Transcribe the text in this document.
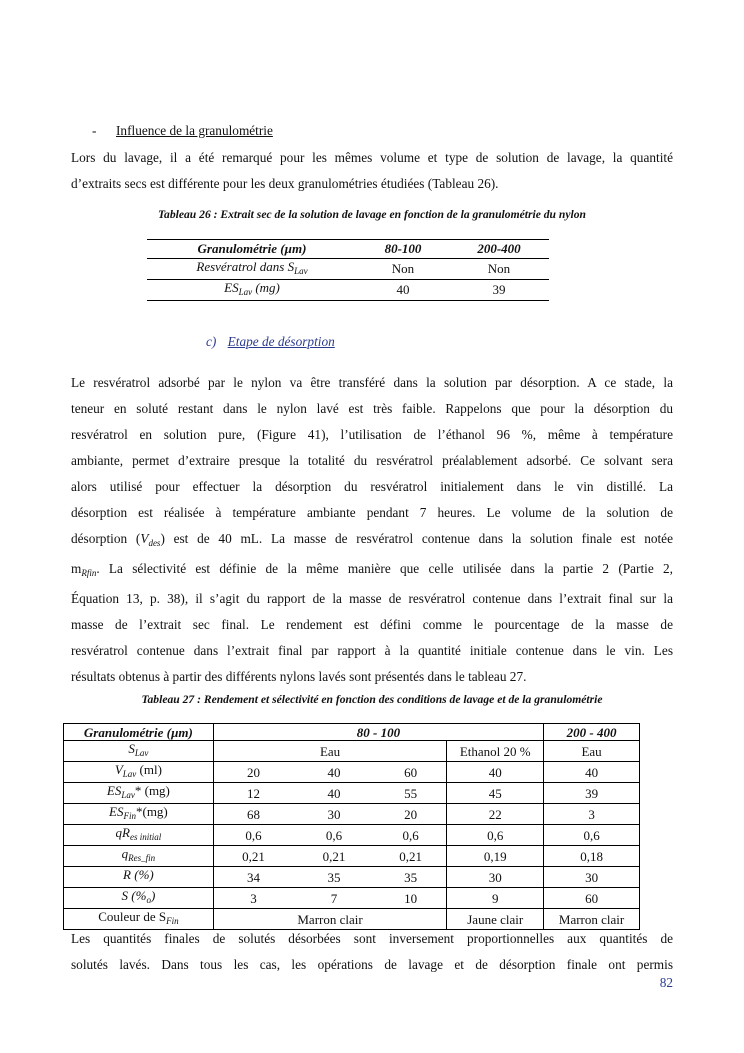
- Influence de la granulométrie
Lors du lavage, il a été remarqué pour les mêmes volume et type de solution de lavage, la quantité
d’extraits secs est différente pour les deux granulométries étudiées (Tableau 26).
Tableau 26 : Extrait sec de la solution de lavage en fonction de la granulométrie du nylon
Granulométrie (µm)	80-100	200-400
Resvératrol dans $S_{Lav}$	Non	Non
$ES_{Lav}$ (mg)	40	39
c) Etape de désorption
Le resvératrol adsorbé par le nylon va être transféré dans la solution par désorption. A ce stade, la
teneur en soluté restant dans le nylon lavé est très faible. Rappelons que pour la désorption du
resvératrol en solution pure, (Figure 41), l’utilisation de l’éthanol 96 %, même à température
ambiante, permet d’extraire presque la totalité du resvératrol préalablement adsorbé. Ce solvant sera
alors utilisé pour effectuer la désorption du resvératrol initialement dans le vin distillé. La
désorption est réalisée à température ambiante pendant 7 heures. Le volume de la solution de
désorption $(V_{des})$ est de 40 mL. La masse de resvératrol contenue dans la solution finale est notée
$m_{Rfin}$. La sélectivité est définie de la même manière que celle utilisée dans la partie 2 (Partie 2,
Équation 13, p. 38), il s’agit du rapport de la masse de resvératrol contenue dans l’extrait final sur la
masse de l’extrait sec final. Le rendement est défini comme le pourcentage de la masse de
resvératrol contenue dans l’extrait final par rapport à la quantité initiale contenue dans le vin. Les
résultats obtenus à partir des différents nylons lavés sont présentés dans le tableau 27.
Tableau 27 : Rendement et sélectivité en fonction des conditions de lavage et de la granulométrie
Granulométrie (µm)	80 - 100				200 - 400
$S_{Lav}$	Eau			Ethanol 20 %	Eau
$V_{Lav}$ (ml)	20	40	60	40	40
$ES_{Lav}*$ (mg)	12	40	55	45	39
$ES_{Fin}*(mg)$	68	30	20	22	3
$qR_{es initial}$	0,6	0,6	0,6	0,6	0,6
$q_{Res\_fin}$	0,21	0,21	0,21	0,19	0,18
R (%)	34	35	35	30	30
S $(\%_o)$	3	7	10	9	60
Couleur de $S_{Fin}$	Marron clair			Jaune clair	Marron clair
Les quantités finales de solutés désorbées sont inversement proportionnelles aux quantités de
solutés lavés. Dans tous les cas, les opérations de lavage et de désorption finale ont permis
82
